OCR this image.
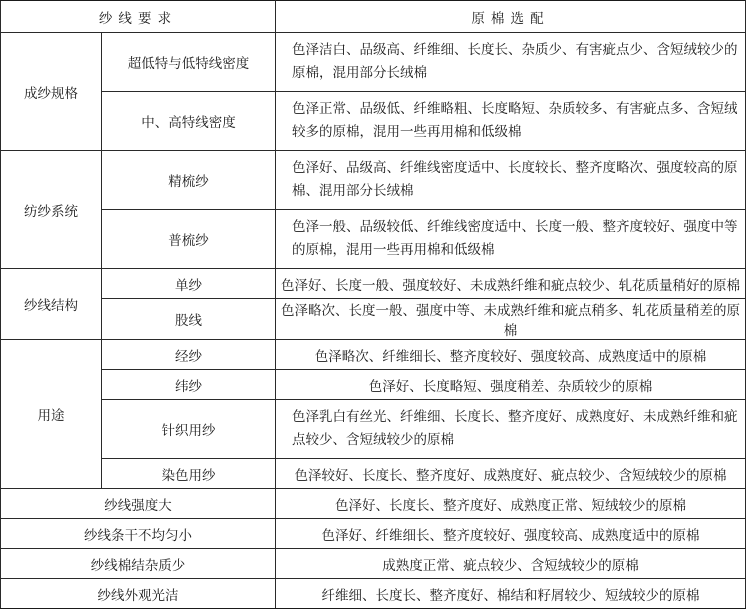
纱线要求		原棉选配
成纱规格	超低特与低特线密度	色泽洁白、品级高、纤维细、长度长、杂质少、有害疵点少、含短绒较少的原棉，混用部分长绒棉
	中、高特线密度	色泽正常、品级低、纤维略粗、长度略短、杂质较多、有害疵点多、含短绒较多的原棉，混用一些再用棉和低级棉
纺纱系统	精梳纱	色泽好、品级高、纤维线密度适中、长度较长、整齐度略次、强度较高的原棉、混用部分长绒棉
	普梳纱	色泽一般、品级较低、纤维线密度适中、长度一般、整齐度较好、强度中等的原棉，混用一些再用棉和低级棉
纱线结构	单纱	色泽好、长度一般、强度较好、未成熟纤维和疵点较少、轧花质量稍好的原棉
	股线	色泽略次、长度一般、强度中等、未成熟纤维和疵点稍多、轧花质量稍差的原棉
用途	经纱	色泽略次、纤维细长、整齐度较好、强度较高、成熟度适中的原棉
	纬纱	色泽好、长度略短、强度稍差、杂质较少的原棉
	针织用纱	色泽乳白有丝光、纤维细、长度长、整齐度好、成熟度好、未成熟纤维和疵点较少、含短绒较少的原棉
	染色用纱	色泽较好、长度长、整齐度好、成熟度好、疵点较少、含短绒较少的原棉
纱线强度大		色泽好、长度长、整齐度好、成熟度正常、短绒较少的原棉
纱线条干不均匀小		色泽好、纤维细长、整齐度较好、强度较高、成熟度适中的原棉
纱线棉结杂质少		成熟度正常、疵点较少、含短绒较少的原棉
纱线外观光洁		纤维细、长度长、整齐度好、棉结和籽屑较少、短绒较少的原棉
